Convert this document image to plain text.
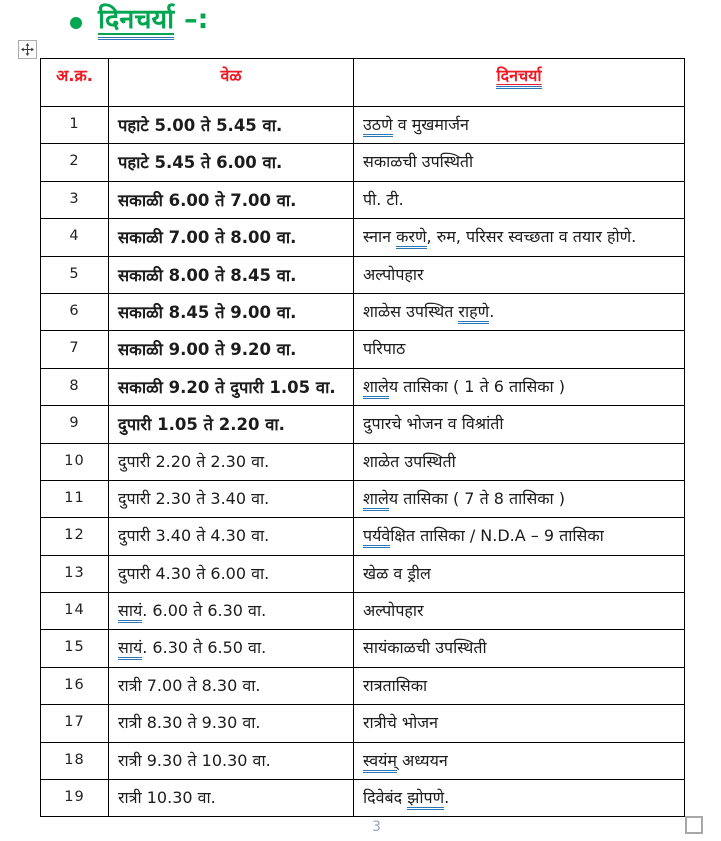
दिनचर्या –:
अ.क्र.	वेळ	दिनचर्या
1	पहाटे 5.00 ते 5.45 वा.	उठणे व मुखमार्जन
2	पहाटे 5.45 ते 6.00 वा.	सकाळची उपस्थिती
3	सकाळी 6.00 ते 7.00 वा.	पी. टी.
4	सकाळी 7.00 ते 8.00 वा.	स्नान करणे, रुम, परिसर स्वच्छता व तयार होणे.
5	सकाळी 8.00 ते 8.45 वा.	अल्पोपहार
6	सकाळी 8.45 ते 9.00 वा.	शाळेस उपस्थित राहणे.
7	सकाळी 9.00 ते 9.20 वा.	परिपाठ
8	सकाळी 9.20 ते दुपारी 1.05 वा.	शालेय तासिका ( 1 ते 6 तासिका )
9	दुपारी 1.05 ते 2.20 वा.	दुपारचे भोजन व विश्रांती
10	दुपारी 2.20 ते 2.30 वा.	शाळेत उपस्थिती
11	दुपारी 2.30 ते 3.40 वा.	शालेय तासिका ( 7 ते 8 तासिका )
12	दुपारी 3.40 ते 4.30 वा.	पर्यवेक्षित तासिका / N.D.A – 9 तासिका
13	दुपारी 4.30 ते 6.00 वा.	खेळ व ड्रील
14	सायं. 6.00 ते 6.30 वा.	अल्पोपहार
15	सायं. 6.30 ते 6.50 वा.	सायंकाळची उपस्थिती
16	रात्री 7.00 ते 8.30 वा.	रात्रतासिका
17	रात्री 8.30 ते 9.30 वा.	रात्रीचे भोजन
18	रात्री 9.30 ते 10.30 वा.	स्वयंम् अध्ययन
19	रात्री 10.30 वा.	दिवेबंद झोपणे.
3
